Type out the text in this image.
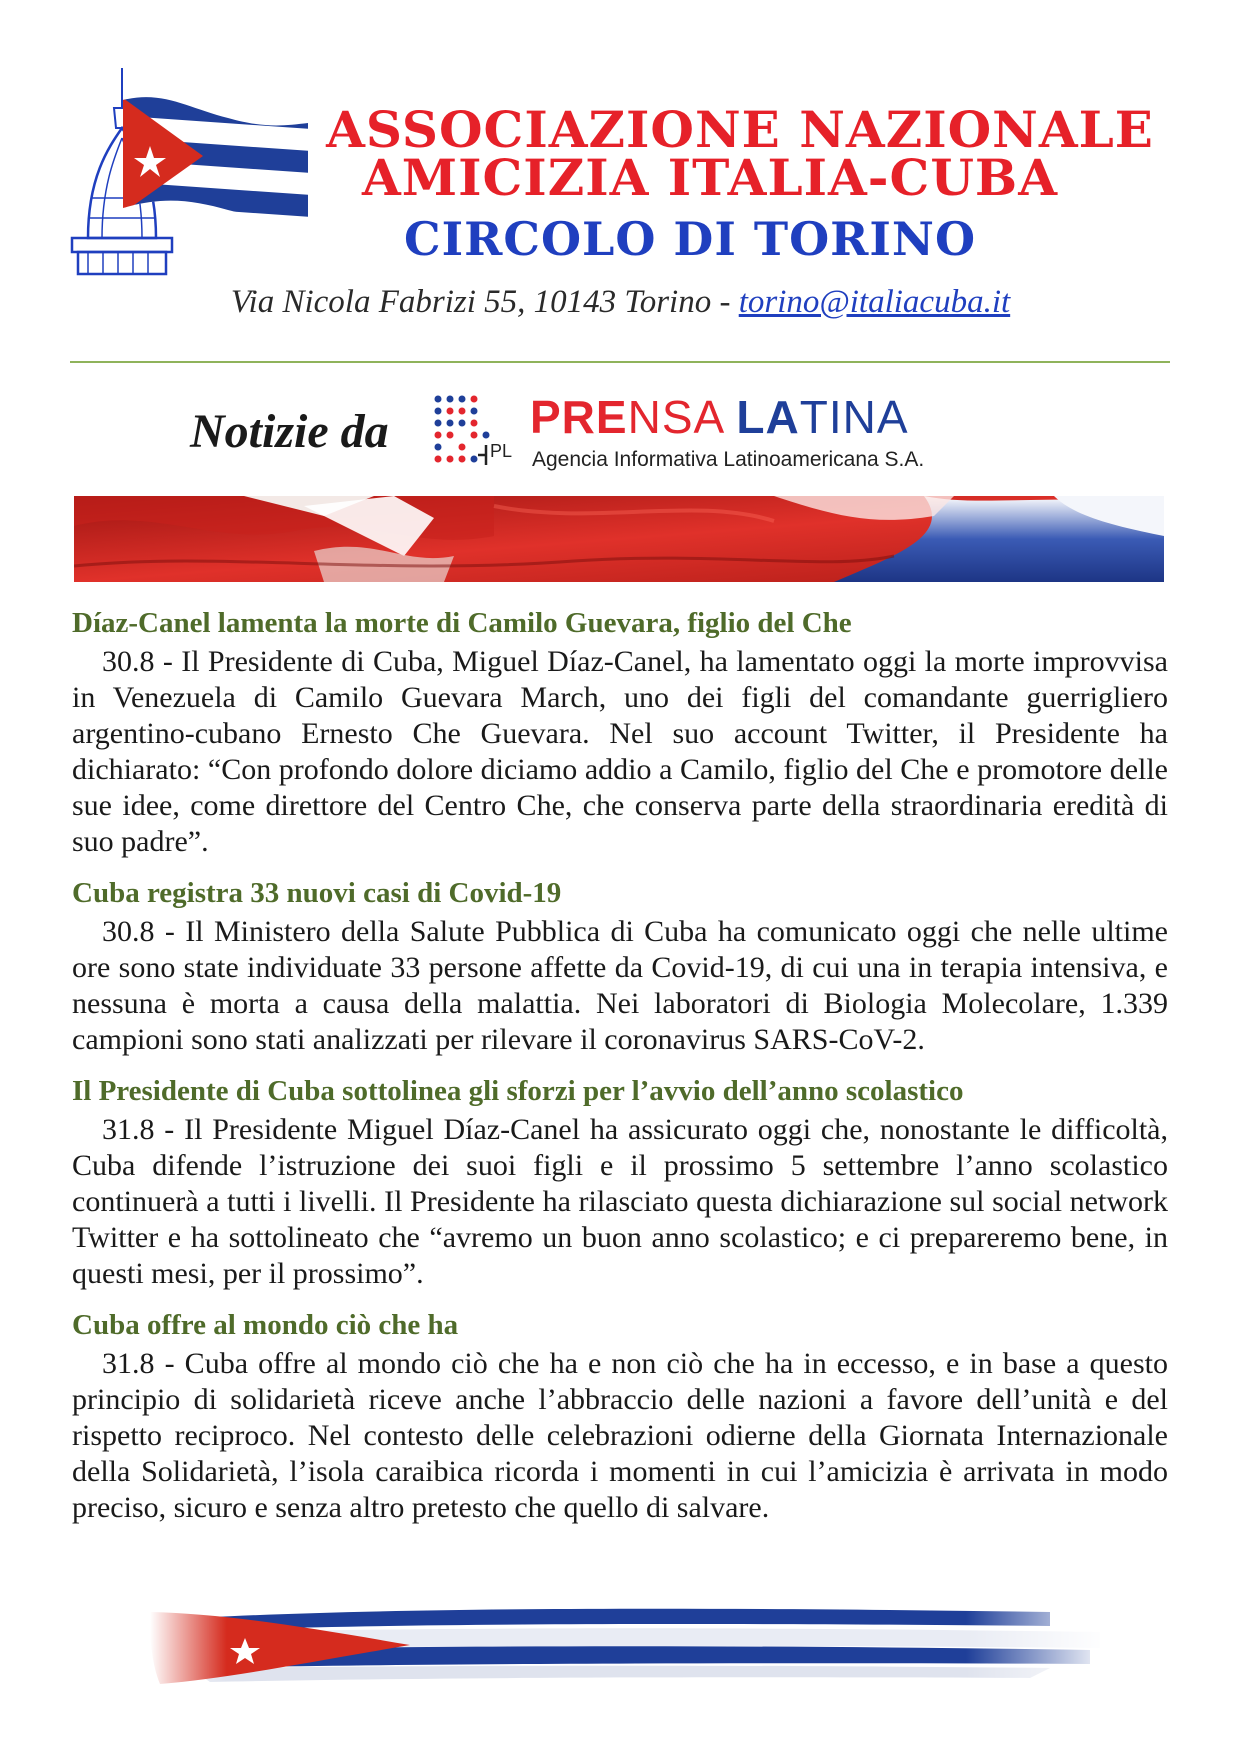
ASSOCIAZIONE NAZIONALE
AMICIZIA ITALIA-CUBA
CIRCOLO DI TORINO
Via Nicola Fabrizi 55, 10143 Torino - torino@italiacuba.it
Notizie da	PL
PRENSA LATINA
Agencia Informativa Latinoamericana S.A.
Díaz-Canel lamenta la morte di Camilo Guevara, figlio del Che

30.8 - Il Presidente di Cuba, Miguel Díaz-Canel, ha lamentato oggi la morte improvvisa in Venezuela di Camilo Guevara March, uno dei figli del comandante guerrigliero argentino-cubano Ernesto Che Guevara. Nel suo account Twitter, il Presidente ha dichiarato: “Con profondo dolore diciamo addio a Camilo, figlio del Che e promotore delle sue idee, come direttore del Centro Che, che conserva parte della straordinaria eredità di suo padre”.

Cuba registra 33 nuovi casi di Covid-19

30.8 - Il Ministero della Salute Pubblica di Cuba ha comunicato oggi che nelle ultime ore sono state individuate 33 persone affette da Covid-19, di cui una in terapia intensiva, e nessuna è morta a causa della malattia. Nei laboratori di Biologia Molecolare, 1.339 campioni sono stati analizzati per rilevare il coronavirus SARS-CoV-2.

Il Presidente di Cuba sottolinea gli sforzi per l’avvio dell’anno scolastico

31.8 - Il Presidente Miguel Díaz-Canel ha assicurato oggi che, nonostante le difficoltà, Cuba difende l’istruzione dei suoi figli e il prossimo 5 settembre l’anno scolastico continuerà a tutti i livelli. Il Presidente ha rilasciato questa dichiarazione sul social network Twitter e ha sottolineato che “avremo un buon anno scolastico; e ci prepareremo bene, in questi mesi, per il prossimo”.

Cuba offre al mondo ciò che ha

31.8 - Cuba offre al mondo ciò che ha e non ciò che ha in eccesso, e in base a questo principio di solidarietà riceve anche l’abbraccio delle nazioni a favore dell’unità e del rispetto reciproco. Nel contesto delle celebrazioni odierne della Giornata Internazionale della Solidarietà, l’isola caraibica ricorda i momenti in cui l’amicizia è arrivata in modo preciso, sicuro e senza altro pretesto che quello di salvare.
